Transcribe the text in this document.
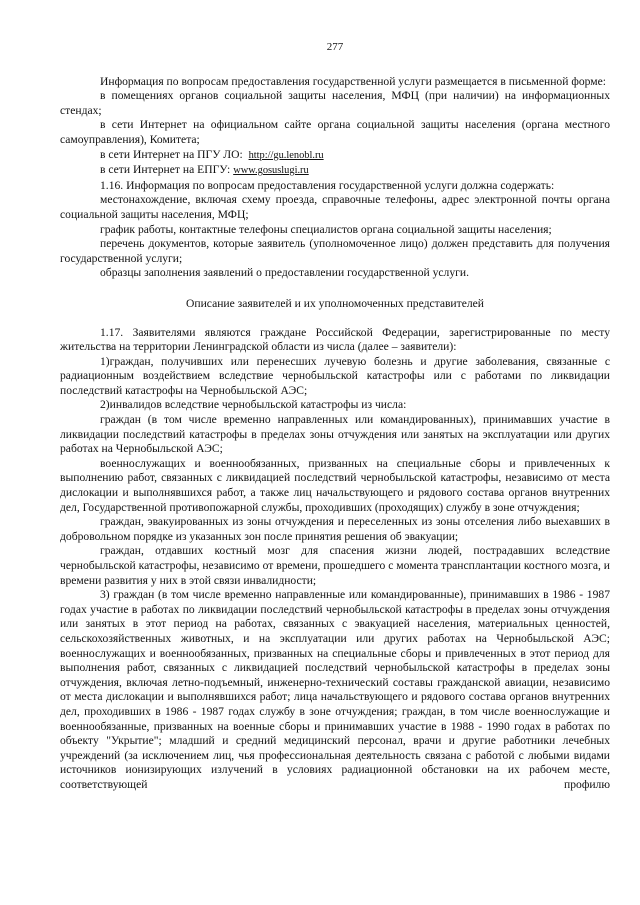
277

Информация по вопросам предоставления государственной услуги размещается в письменной форме:

в помещениях органов социальной защиты населения, МФЦ (при наличии) на информационных стендах;

в сети Интернет на официальном сайте органа социальной защиты населения (органа местного самоуправления), Комитета;

в сети Интернет на ПГУ ЛО: http://gu.lenobl.ru

в сети Интернет на ЕПГУ: www.gosuslugi.ru

1.16. Информация по вопросам предоставления государственной услуги должна содержать:

местонахождение, включая схему проезда, справочные телефоны, адрес электронной почты органа социальной защиты населения, МФЦ;

график работы, контактные телефоны специалистов органа социальной защиты населения;

перечень документов, которые заявитель (уполномоченное лицо) должен представить для получения государственной услуги;

образцы заполнения заявлений о предоставлении государственной услуги.

Описание заявителей и их уполномоченных представителей

1.17. Заявителями являются граждане Российской Федерации, зарегистрированные по месту жительства на территории Ленинградской области из числа (далее – заявители):

1)граждан, получивших или перенесших лучевую болезнь и другие заболевания, связанные с радиационным воздействием вследствие чернобыльской катастрофы или с работами по ликвидации последствий катастрофы на Чернобыльской АЭС;

2)инвалидов вследствие чернобыльской катастрофы из числа:

граждан (в том числе временно направленных или командированных), принимавших участие в ликвидации последствий катастрофы в пределах зоны отчуждения или занятых на эксплуатации или других работах на Чернобыльской АЭС;

военнослужащих и военнообязанных, призванных на специальные сборы и привлеченных к выполнению работ, связанных с ликвидацией последствий чернобыльской катастрофы, независимо от места дислокации и выполнявшихся работ, а также лиц начальствующего и рядового состава органов внутренних дел, Государственной противопожарной службы, проходивших (проходящих) службу в зоне отчуждения;

граждан, эвакуированных из зоны отчуждения и переселенных из зоны отселения либо выехавших в добровольном порядке из указанных зон после принятия решения об эвакуации;

граждан, отдавших костный мозг для спасения жизни людей, пострадавших вследствие чернобыльской катастрофы, независимо от времени, прошедшего с момента трансплантации костного мозга, и времени развития у них в этой связи инвалидности;

3) граждан (в том числе временно направленные или командированные), принимавших в 1986 - 1987 годах участие в работах по ликвидации последствий чернобыльской катастрофы в пределах зоны отчуждения или занятых в этот период на работах, связанных с эвакуацией населения, материальных ценностей, сельскохозяйственных животных, и на эксплуатации или других работах на Чернобыльской АЭС; военнослужащих и военнообязанных, призванных на специальные сборы и привлеченных в этот период для выполнения работ, связанных с ликвидацией последствий чернобыльской катастрофы в пределах зоны отчуждения, включая летно-подъемный, инженерно-технический составы гражданской авиации, независимо от места дислокации и выполнявшихся работ; лица начальствующего и рядового состава органов внутренних дел, проходивших в 1986 - 1987 годах службу в зоне отчуждения; граждан, в том числе военнослужащие и военнообязанные, призванных на военные сборы и принимавших участие в 1988 - 1990 годах в работах по объекту "Укрытие"; младший и средний медицинский персонал, врачи и другие работники лечебных учреждений (за исключением лиц, чья профессиональная деятельность связана с работой с любыми видами источников ионизирующих излучений в условиях радиационной обстановки на их рабочем месте, соответствующей профилю
